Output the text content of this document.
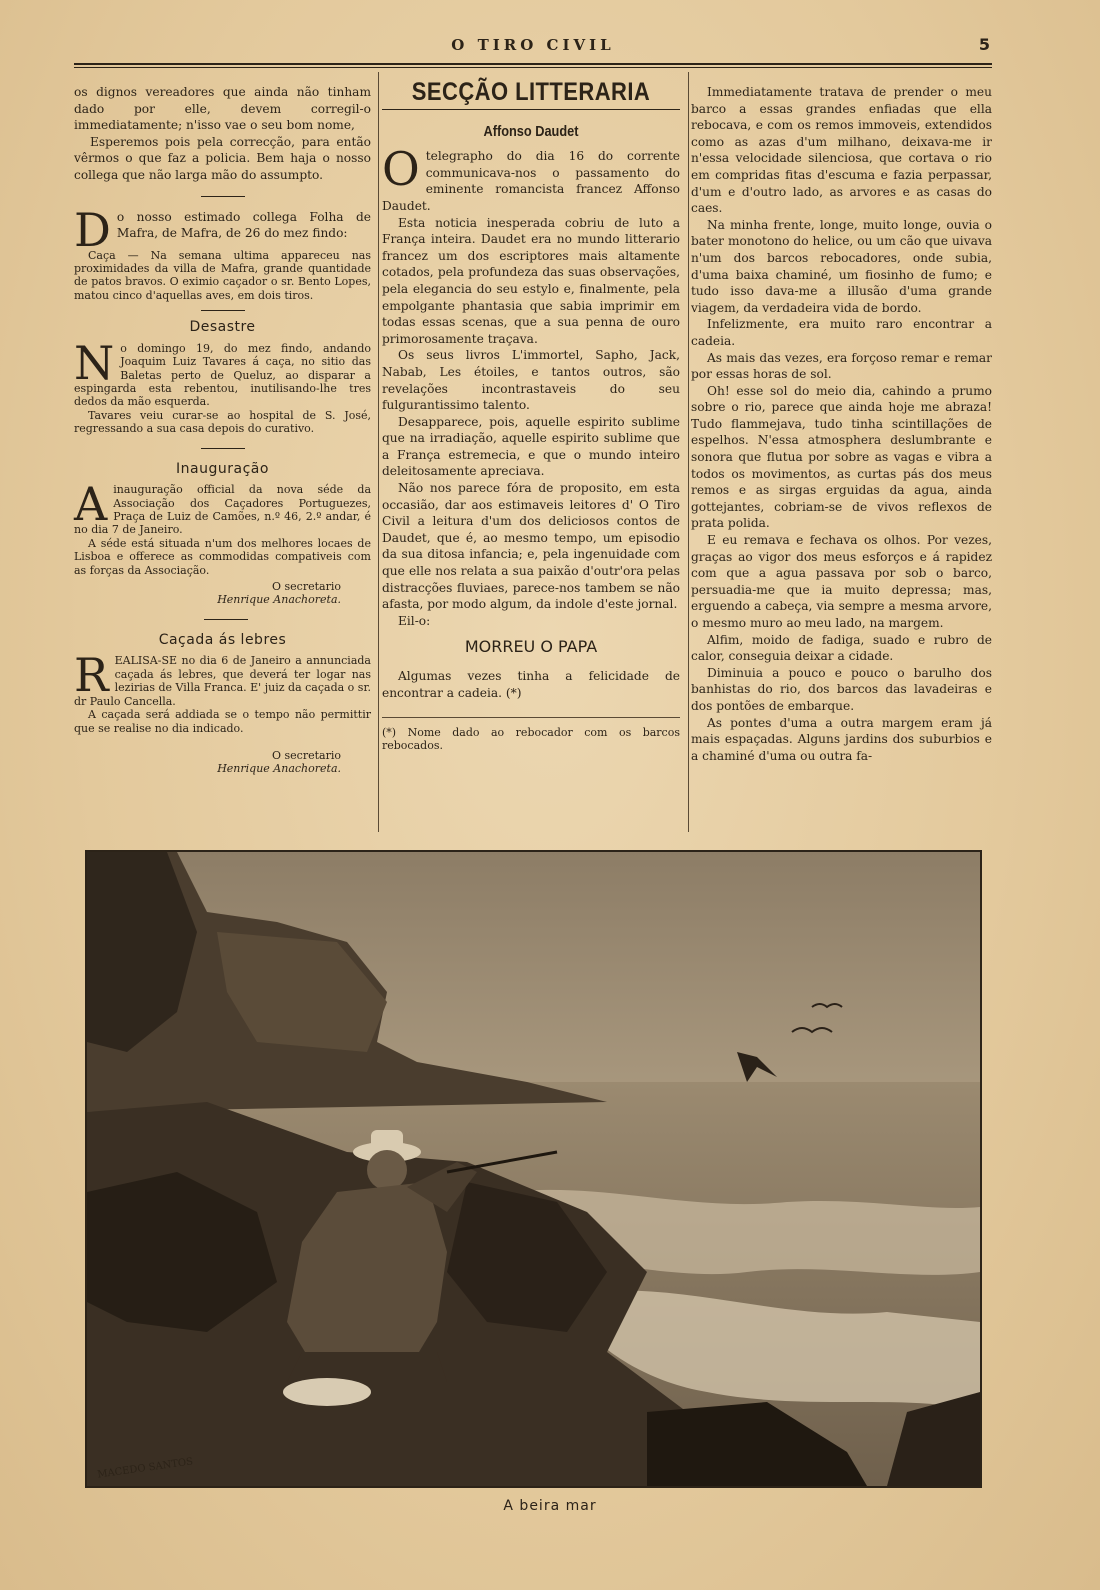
O TIRO CIVIL	5

os dignos vereadores que ainda não tinham dado por elle, devem corregil-o immediatamente; n'isso vae o seu bom nome,

Esperemos pois pela correcção, para então vêrmos o que faz a policia. Bem haja o nosso collega que não larga mão do assumpto.

Do nosso estimado collega Folha de Mafra, de Mafra, de 26 do mez findo:

Caça — Na semana ultima appareceu nas proximidades da villa de Mafra, grande quantidade de patos bravos. O eximio caçador o sr. Bento Lopes, matou cinco d'aquellas aves, em dois tiros.

Desastre

No domingo 19, do mez findo, andando Joaquim Luiz Tavares á caça, no sitio das Baletas perto de Queluz, ao disparar a espingarda esta rebentou, inutilisando-lhe tres dedos da mão esquerda.

Tavares veiu curar-se ao hospital de S. José, regressando a sua casa depois do curativo.

Inauguração

Ainauguração official da nova séde da Associação dos Caçadores Portuguezes, Praça de Luiz de Camões, n.º 46, 2.º andar, é no dia 7 de Janeiro.

A séde está situada n'um dos melhores locaes de Lisboa e offerece as commodidas compativeis com as forças da Associação.

O secretario
Henrique Anachoreta.
Caçada ás lebres

REALISA-SE no dia 6 de Janeiro a annunciada caçada ás lebres, que deverá ter logar nas lezirias de Villa Franca. E' juiz da caçada o sr. dr Paulo Cancella.

A caçada será addiada se o tempo não permittir que se realise no dia indicado.

O secretario
Henrique Anachoreta.
SECÇÃO LITTERARIA
Affonso Daudet

Otelegrapho do dia 16 do corrente communicava-nos o passamento do eminente romancista francez Affonso Daudet.

Esta noticia inesperada cobriu de luto a França inteira. Daudet era no mundo litterario francez um dos escriptores mais altamente cotados, pela profundeza das suas observações, pela elegancia do seu estylo e, finalmente, pela empolgante phantasia que sabia imprimir em todas essas scenas, que a sua penna de ouro primorosamente traçava.

Os seus livros L'immortel, Sapho, Jack, Nabab, Les étoiles, e tantos outros, são revelações incontrastaveis do seu fulgurantissimo talento.

Desapparece, pois, aquelle espirito sublime que na irradiação, aquelle espirito sublime que a França estremecia, e que o mundo inteiro deleitosamente apreciava.

Não nos parece fóra de proposito, em esta occasião, dar aos estimaveis leitores d' O Tiro Civil a leitura d'um dos deliciosos contos de Daudet, que é, ao mesmo tempo, um episodio da sua ditosa infancia; e, pela ingenuidade com que elle nos relata a sua paixão d'outr'ora pelas distracções fluviaes, parece-nos tambem se não afasta, por modo algum, da indole d'este jornal.

Eil-o:

MORREU O PAPA

Algumas vezes tinha a felicidade de encontrar a cadeia. (*)

(*) Nome dado ao rebocador com os barcos rebocados.

Immediatamente tratava de prender o meu barco a essas grandes enfiadas que ella rebocava, e com os remos immoveis, extendidos como as azas d'um milhano, deixava-me ir n'essa velocidade silenciosa, que cortava o rio em compridas fitas d'escuma e fazia perpassar, d'um e d'outro lado, as arvores e as casas do caes.

Na minha frente, longe, muito longe, ouvia o bater monotono do helice, ou um cão que uivava n'um dos barcos rebocadores, onde subia, d'uma baixa chaminé, um fiosinho de fumo; e tudo isso dava-me a illusão d'uma grande viagem, da verdadeira vida de bordo.

Infelizmente, era muito raro encontrar a cadeia.

As mais das vezes, era forçoso remar e remar por essas horas de sol.

Oh! esse sol do meio dia, cahindo a prumo sobre o rio, parece que ainda hoje me abraza! Tudo flammejava, tudo tinha scintillações de espelhos. N'essa atmosphera deslumbrante e sonora que flutua por sobre as vagas e vibra a todos os movimentos, as curtas pás dos meus remos e as sirgas erguidas da agua, ainda gottejantes, cobriam-se de vivos reflexos de prata polida.

E eu remava e fechava os olhos. Por vezes, graças ao vigor dos meus esforços e á rapidez com que a agua passava por sob o barco, persuadia-me que ia muito depressa; mas, erguendo a cabeça, via sempre a mesma arvore, o mesmo muro ao meu lado, na margem.

Alfim, moido de fadiga, suado e rubro de calor, conseguia deixar a cidade.

Diminuia a pouco e pouco o barulho dos banhistas do rio, dos barcos das lavadeiras e dos pontões de embarque.

As pontes d'uma a outra margem eram já mais espaçadas. Alguns jardins dos suburbios e a chaminé d'uma ou outra fa-

MACEDO SANTOS
A beira mar
